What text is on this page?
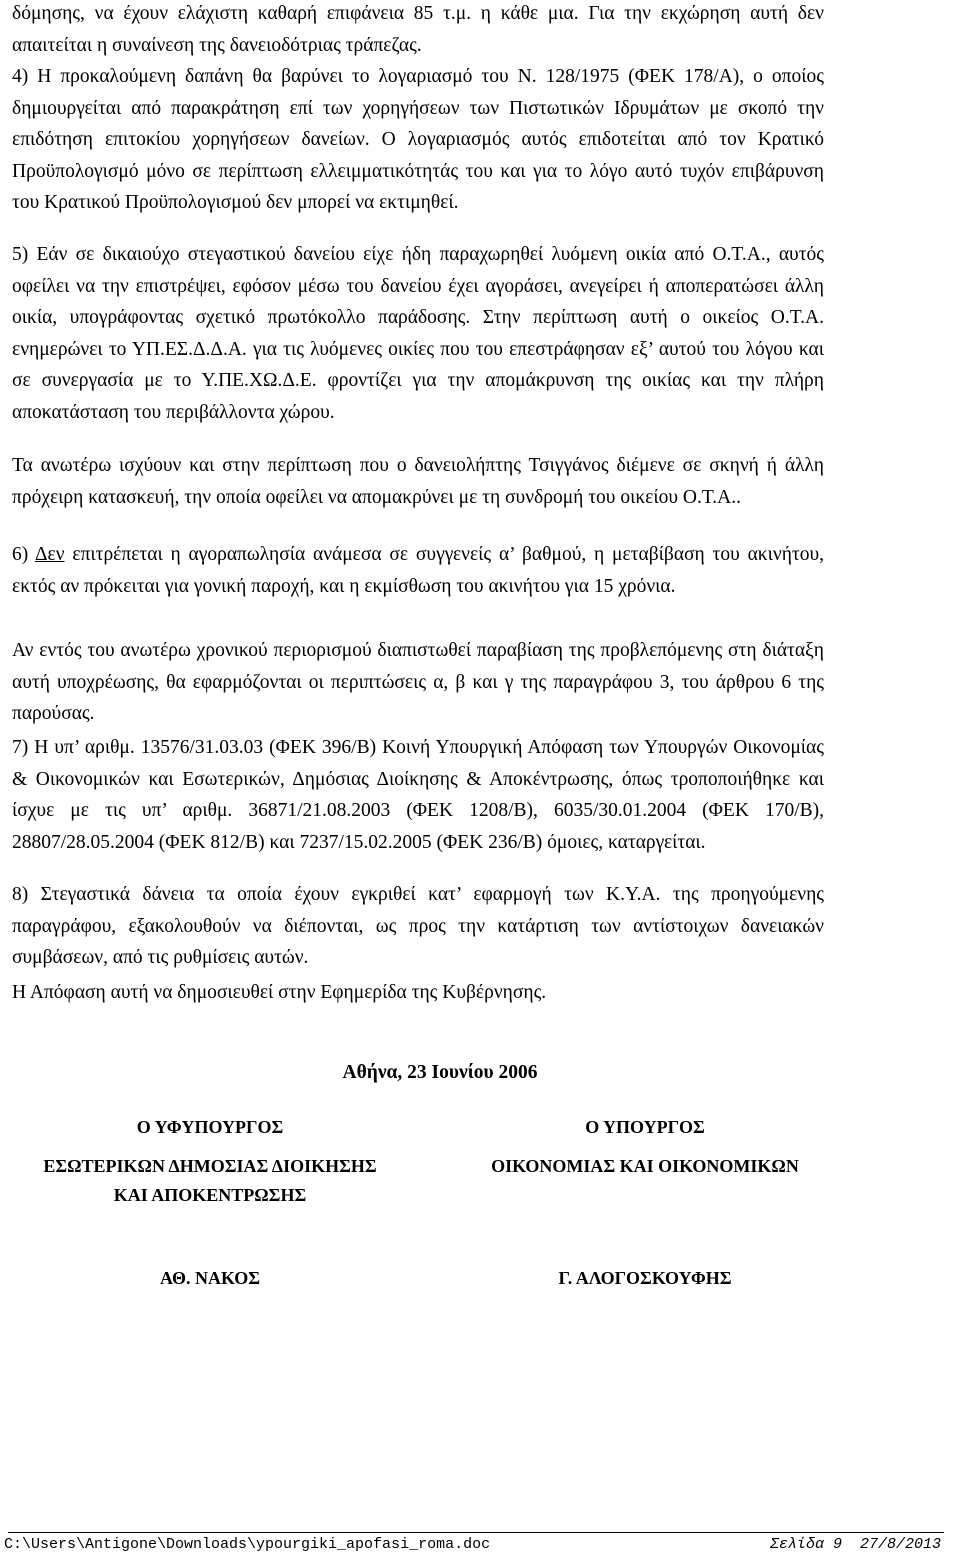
δόμησης, να έχουν ελάχιστη καθαρή επιφάνεια 85 τ.μ. η κάθε μια. Για την εκχώρηση αυτή δεν απαιτείται η συναίνεση της δανειοδότριας τράπεζας.

4) Η προκαλούμενη δαπάνη θα βαρύνει το λογαριασμό του Ν. 128/1975 (ΦΕΚ 178/Α), ο οποίος δημιουργείται από παρακράτηση επί των χορηγήσεων των Πιστωτικών Ιδρυμάτων με σκοπό την επιδότηση επιτοκίου χορηγήσεων δανείων. Ο λογαριασμός αυτός επιδοτείται από τον Κρατικό Προϋπολογισμό μόνο σε περίπτωση ελλειμματικότητάς του και για το λόγο αυτό τυχόν επιβάρυνση του Κρατικού Προϋπολογισμού δεν μπορεί να εκτιμηθεί.

5) Εάν σε δικαιούχο στεγαστικού δανείου είχε ήδη παραχωρηθεί λυόμενη οικία από Ο.Τ.Α., αυτός οφείλει να την επιστρέψει, εφόσον μέσω του δανείου έχει αγοράσει, ανεγείρει ή αποπερατώσει άλλη οικία, υπογράφοντας σχετικό πρωτόκολλο παράδοσης. Στην περίπτωση αυτή ο οικείος Ο.Τ.Α. ενημερώνει το ΥΠ.ΕΣ.Δ.Δ.Α. για τις λυόμενες οικίες που του επεστράφησαν εξ’ αυτού του λόγου και σε συνεργασία με το Υ.ΠΕ.ΧΩ.Δ.Ε. φροντίζει για την απομάκρυνση της οικίας και την πλήρη αποκατάσταση του περιβάλλοντα χώρου.

Τα ανωτέρω ισχύουν και στην περίπτωση που ο δανειολήπτης Τσιγγάνος διέμενε σε σκηνή ή άλλη πρόχειρη κατασκευή, την οποία οφείλει να απομακρύνει με τη συνδρομή του οικείου Ο.Τ.Α..

6) Δεν επιτρέπεται η αγοραπωλησία ανάμεσα σε συγγενείς α’ βαθμού, η μεταβίβαση του ακινήτου, εκτός αν πρόκειται για γονική παροχή, και η εκμίσθωση του ακινήτου για 15 χρόνια.

Αν εντός του ανωτέρω χρονικού περιορισμού διαπιστωθεί παραβίαση της προβλεπόμενης στη διάταξη αυτή υποχρέωσης, θα εφαρμόζονται οι περιπτώσεις α, β και γ της παραγράφου 3, του άρθρου 6 της παρούσας.

7) Η υπ’ αριθμ. 13576/31.03.03 (ΦΕΚ 396/Β) Κοινή Υπουργική Απόφαση των Υπουργών Οικονομίας & Οικονομικών και Εσωτερικών, Δημόσιας Διοίκησης & Αποκέντρωσης, όπως τροποποιήθηκε και ίσχυε με τις υπ’ αριθμ. 36871/21.08.2003 (ΦΕΚ 1208/Β), 6035/30.01.2004 (ΦΕΚ 170/Β), 28807/28.05.2004 (ΦΕΚ 812/Β) και 7237/15.02.2005 (ΦΕΚ 236/Β) όμοιες, καταργείται.

8) Στεγαστικά δάνεια τα οποία έχουν εγκριθεί κατ’ εφαρμογή των Κ.Υ.Α. της προηγούμενης παραγράφου, εξακολουθούν να διέπονται, ως προς την κατάρτιση των αντίστοιχων δανειακών συμβάσεων, από τις ρυθμίσεις αυτών.

Η Απόφαση αυτή να δημοσιευθεί στην Εφημερίδα της Κυβέρνησης.

Αθήνα, 23 Ιουνίου 2006
Ο ΥΦΥΠΟΥΡΓΟΣ
ΕΣΩΤΕΡΙΚΩΝ ΔΗΜΟΣΙΑΣ ΔΙΟΙΚΗΣΗΣ
ΚΑΙ ΑΠΟΚΕΝΤΡΩΣΗΣ
ΑΘ. ΝΑΚΟΣ
Ο ΥΠΟΥΡΓΟΣ
ΟΙΚΟΝΟΜΙΑΣ ΚΑΙ ΟΙΚΟΝΟΜΙΚΩΝ
Γ. ΑΛΟΓΟΣΚΟΥΦΗΣ
C:\Users\Antigone\Downloads\ypourgiki_apofasi_roma.doc	Σελίδα 9 27/8/2013
